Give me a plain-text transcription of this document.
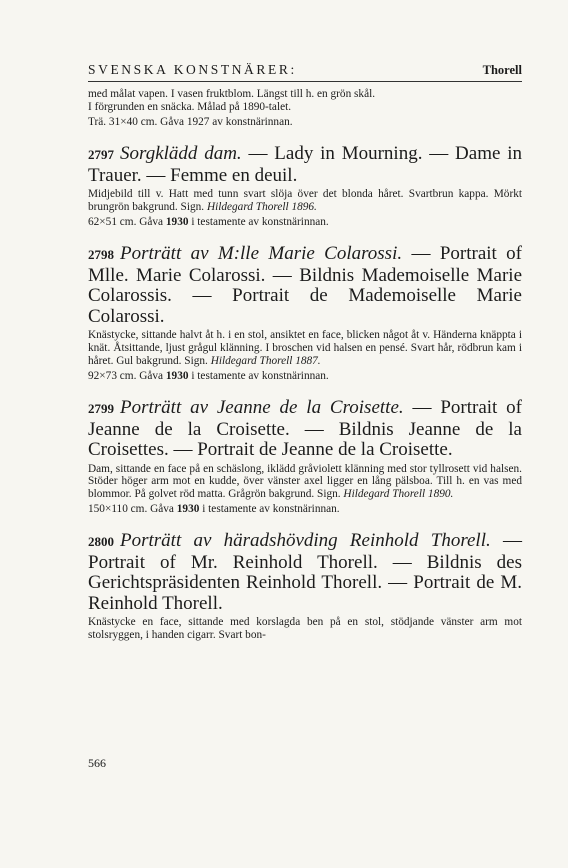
SVENSKA KONSTNÄRER:	Thorell
med målat vapen. I vasen fruktblom. Längst till h. en grön skål.
I förgrunden en snäcka. Målad på 1890-talet.
Trä. 31×40 cm. Gåva 1927 av konstnärinnan.
2797 Sorgklädd dam. — Lady in Mourning. — Dame in Trauer. — Femme en deuil.
Midjebild till v. Hatt med tunn svart slöja över det blonda håret. Svartbrun kappa. Mörkt brungrön bakgrund. Sign. Hildegard Thorell 1896.
62×51 cm. Gåva 1930 i testamente av konstnärinnan.
2798 Porträtt av M:lle Marie Colarossi. — Portrait of Mlle. Marie Colarossi. — Bildnis Mademoiselle Marie Colarossis. — Portrait de Mademoiselle Marie Colarossi.
Knästycke, sittande halvt åt h. i en stol, ansiktet en face, blicken något åt v. Händerna knäppta i knät. Åtsittande, ljust grågul klänning. I broschen vid halsen en pensé. Svart hår, rödbrun kam i håret. Gul bakgrund. Sign. Hildegard Thorell 1887.
92×73 cm. Gåva 1930 i testamente av konstnärinnan.
2799 Porträtt av Jeanne de la Croisette. — Portrait of Jeanne de la Croisette. — Bildnis Jeanne de la Croisettes. — Portrait de Jeanne de la Croisette.
Dam, sittande en face på en schäslong, iklädd gråviolett klänning med stor tyllrosett vid halsen. Stöder höger arm mot en kudde, över vänster axel ligger en lång pälsboa. Till h. en vas med blommor. På golvet röd matta. Grågrön bakgrund. Sign. Hildegard Thorell 1890.
150×110 cm. Gåva 1930 i testamente av konstnärinnan.
2800 Porträtt av häradshövding Reinhold Thorell. — Portrait of Mr. Reinhold Thorell. — Bildnis des Gerichtspräsidenten Reinhold Thorell. — Portrait de M. Reinhold Thorell.
Knästycke en face, sittande med korslagda ben på en stol, stödjande vänster arm mot stolsryggen, i handen cigarr. Svart bon-
566
